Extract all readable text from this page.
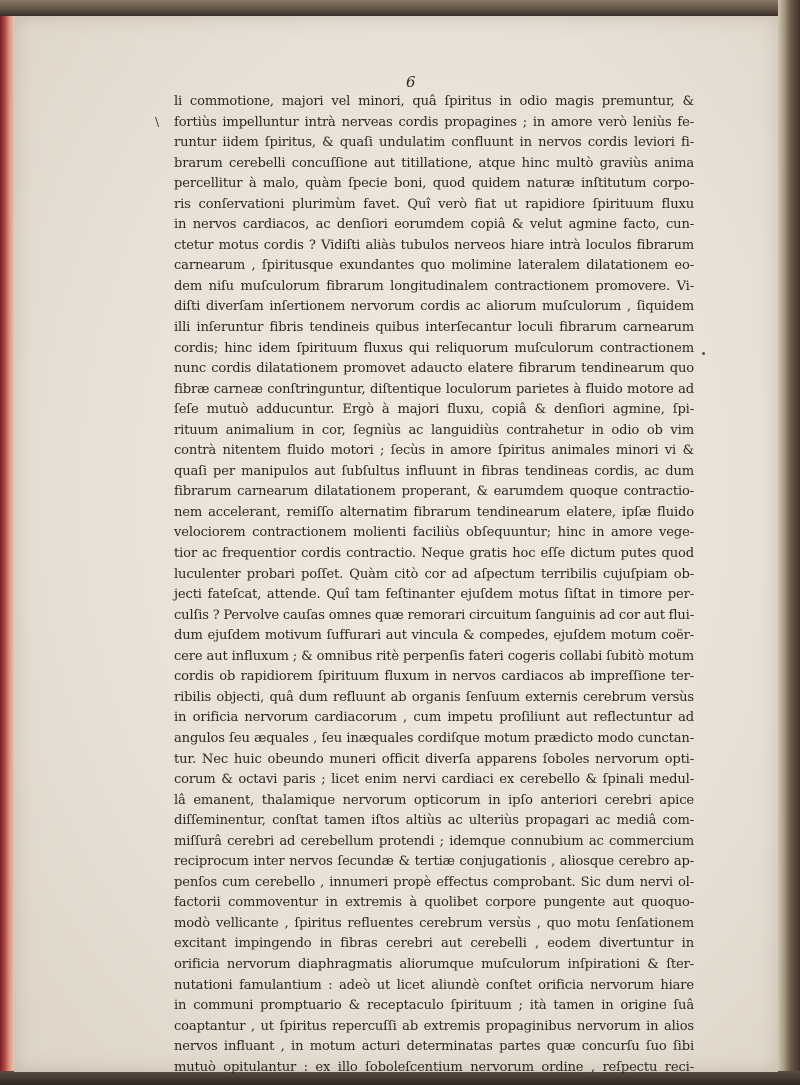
6
\
li commotione, majori vel minori, quâ ſpiritus in odio magis premuntur, &
fortiùs impelluntur intrà nerveas cordis propagines ; in amore verò leniùs fe-
runtur iidem ſpiritus, & quaſi undulatim confluunt in nervos cordis leviori fi-
brarum cerebelli concuſſione aut titillatione, atque hinc multò graviùs anima
percellitur à malo, quàm ſpecie boni, quod quidem naturæ inſtitutum corpo-
ris conſervationi plurimùm favet. Quî verò fiat ut rapidiore ſpirituum fluxu
in nervos cardiacos, ac denſiori eorumdem copiâ & velut agmine facto, cun-
ctetur motus cordis ? Vidiſti aliàs tubulos nerveos hiare intrà loculos fibrarum
carnearum , ſpiritusque exundantes quo molimine lateralem dilatationem eo-
dem niſu muſculorum fibrarum longitudinalem contractionem promovere. Vi-
diſti diverſam inſertionem nervorum cordis ac aliorum muſculorum , ſiquidem
illi inſeruntur fibris tendineis quibus interſecantur loculi fibrarum carnearum
cordis; hinc idem ſpirituum fluxus qui reliquorum muſculorum contractionem
nunc cordis dilatationem promovet adaucto elatere fibrarum tendinearum quo
fibræ carneæ conſtringuntur, diſtentique loculorum parietes à fluido motore ad
ſeſe mutuò adducuntur. Ergò à majori fluxu, copiâ & denſiori agmine, ſpi-
rituum animalium in cor, ſegniùs ac languidiùs contrahetur in odio ob vim
contrà nitentem fluido motori ; ſecùs in amore ſpiritus animales minori vi &
quaſi per manipulos aut ſubſultus influunt in fibras tendineas cordis, ac dum
fibrarum carnearum dilatationem properant, & earumdem quoque contractio-
nem accelerant, remiſſo alternatim fibrarum tendinearum elatere, ipſæ fluido
velociorem contractionem molienti faciliùs obſequuntur; hinc in amore vege-
tior ac frequentior cordis contractio. Neque gratis hoc eſſe dictum putes quod
luculenter probari poſſet. Quàm citò cor ad aſpectum terribilis cujuſpiam ob-
jecti fateſcat, attende. Quî tam feſtinanter ejuſdem motus ſiſtat in timore per-
culſis ? Pervolve cauſas omnes quæ remorari circuitum ſanguinis ad cor aut flui-
dum ejuſdem motivum ſuffurari aut vincula & compedes, ejuſdem motum coër-
cere aut influxum ; & omnibus ritè perpenſis fateri cogeris collabi ſubitò motum
cordis ob rapidiorem ſpirituum fluxum in nervos cardiacos ab impreſſione ter-
ribilis objecti, quâ dum refluunt ab organis ſenſuum externis cerebrum versùs
in orificia nervorum cardiacorum , cum impetu proſiliunt aut reflectuntur ad
angulos ſeu æquales , ſeu inæquales cordiſque motum prædicto modo cunctan-
tur. Nec huic obeundo muneri officit diverſa apparens ſoboles nervorum opti-
corum & octavi paris ; licet enim nervi cardiaci ex cerebello & ſpinali medul-
lâ emanent, thalamique nervorum opticorum in ipſo anteriori cerebri apice
diſſeminentur, conſtat tamen iſtos altiùs ac ulteriùs propagari ac mediâ com-
miſſurâ cerebri ad cerebellum protendi ; idemque connubium ac commercium
reciprocum inter nervos ſecundæ & tertiæ conjugationis , aliosque cerebro ap-
penſos cum cerebello , innumeri propè effectus comprobant. Sic dum nervi ol-
factorii commoventur in extremis à quolibet corpore pungente aut quoquo-
modò vellicante , ſpiritus refluentes cerebrum versùs , quo motu ſenſationem
excitant impingendo in fibras cerebri aut cerebelli , eodem divertuntur in
orificia nervorum diaphragmatis aliorumque muſculorum inſpirationi & ſter-
nutationi famulantium : adeò ut licet aliundè conſtet orificia nervorum hiare
in communi promptuario & receptaculo ſpirituum ; ità tamen in origine ſuâ
coaptantur , ut ſpiritus repercuſſi ab extremis propaginibus nervorum in alios
nervos influant , in motum acturi determinatas partes quæ concurſu ſuo ſibi
mutuò opitulantur : ex illo ſoboleſcentium nervorum ordine , reſpectu reci-
